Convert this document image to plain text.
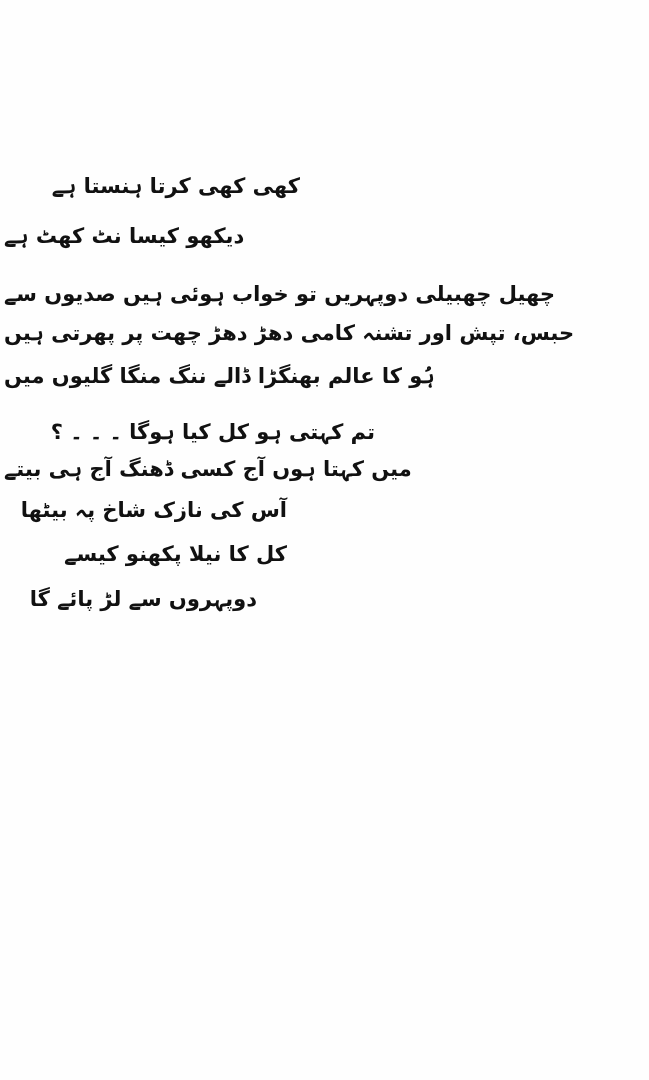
کھی کھی کرتا ہنستا ہے
دیکھو کیسا نٹ کھٹ ہے
چھیل چھبیلی دوپہریں تو خواب ہوئی ہیں صدیوں سے
حبس، تپش اور تشنہ کامی دھڑ دھڑ چھت پر پھرتی ہیں
ہُو کا عالم بھنگڑا ڈالے ننگ منگا گلیوں میں
تم کہتی ہو کل کیا ہوگا ۔ ۔ ۔ ؟
میں کہتا ہوں آج کسی ڈھنگ آج ہی بیتے
آس کی نازک شاخ پہ بیٹھا
کل کا نیلا پکھنو کیسے
دوپہروں سے لڑ پائے گا
